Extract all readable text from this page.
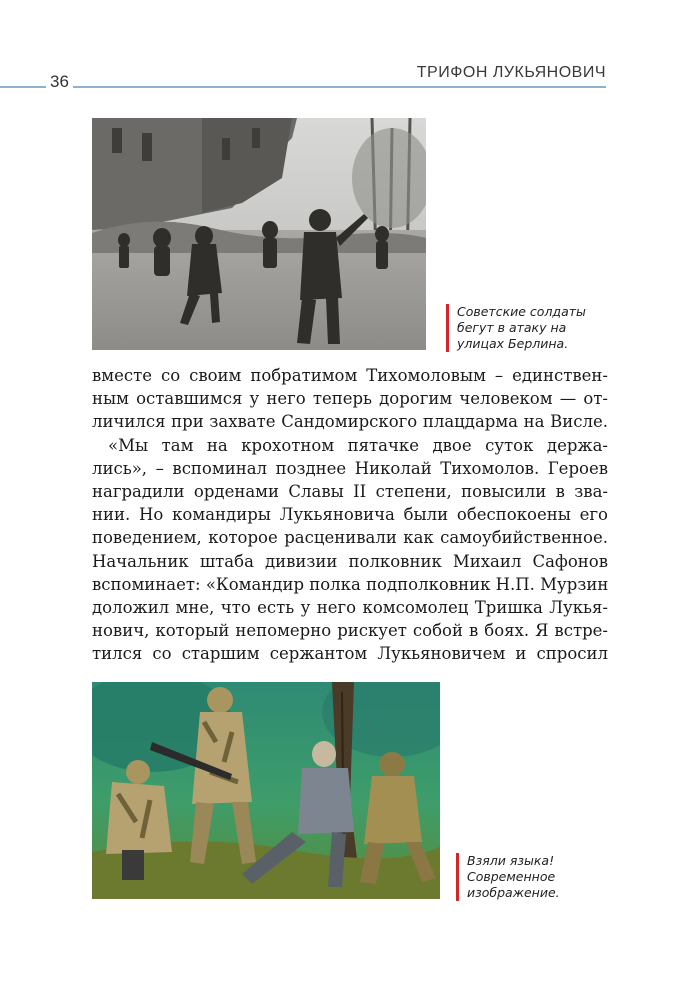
36	ТРИФОН ЛУКЬЯНОВИЧ
Советские солдаты
бегут в атаку на
улицах Берлина.
вместе со своим побратимом Тихомоловым – единствен-
ным оставшимся у него теперь дорогим человеком — от-
личился при захвате Сандомирского плацдарма на Висле.
«Мы там на крохотном пятачке двое суток держа-
лись», – вспоминал позднее Николай Тихомолов. Героев
наградили орденами Славы II степени, повысили в зва-
нии. Но командиры Лукьяновича были обеспокоены его
поведением, которое расценивали как самоубийственное.
Начальник штаба дивизии полковник Михаил Сафонов
вспоминает: «Командир полка подполковник Н.П. Мурзин
доложил мне, что есть у него комсомолец Тришка Лукья-
нович, который непомерно рискует собой в боях. Я встре-
тился со старшим сержантом Лукьяновичем и спросил
Взяли языка!
Современное
изображение.
